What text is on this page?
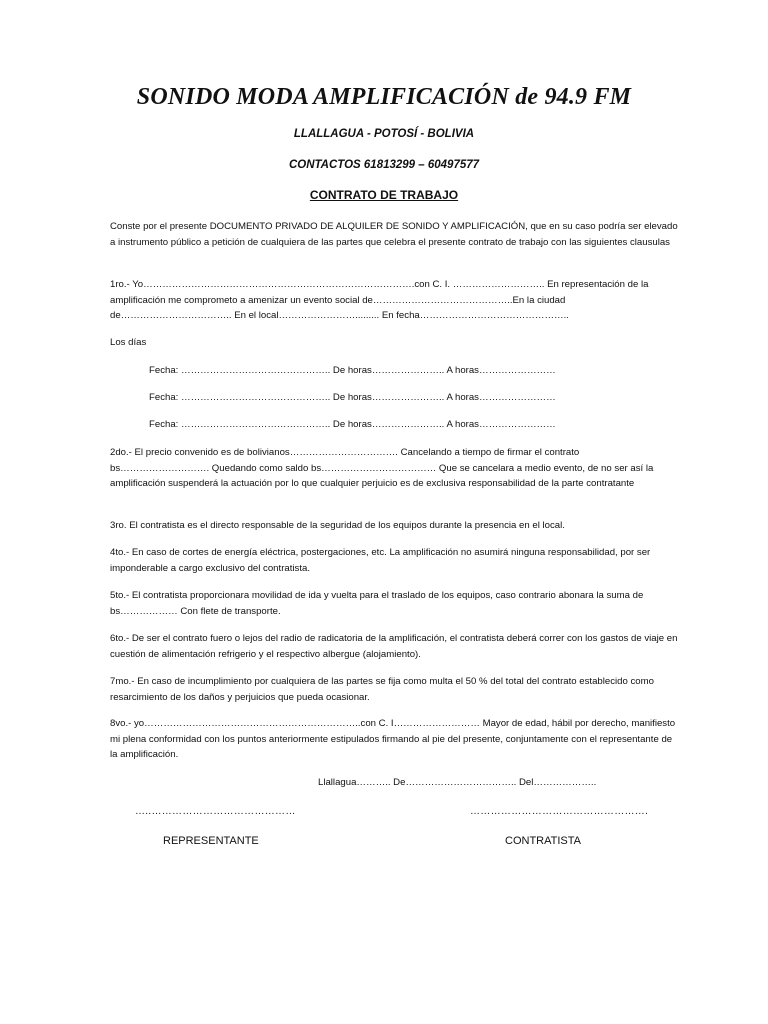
SONIDO MODA AMPLIFICACIÓN de 94.9 FM
LLALLAGUA - POTOSÍ - BOLIVIA
CONTACTOS 61813299 – 60497577
CONTRATO DE TRABAJO
Conste por el presente DOCUMENTO PRIVADO DE ALQUILER DE SONIDO Y AMPLIFICACIÓN, que en su caso podría ser elevado a instrumento público a petición de cualquiera de las partes que celebra el presente contrato de trabajo con las siguientes clausulas
1ro.- Yo………………………………………………………………………….con C. I. ……………………….. En representación de la amplificación me comprometo a amenizar un evento social de……………………………………..En la ciudad de…………………………….. En el local……………………......... En fecha………………………………………..
Los días
Fecha: ……………………………………….. De horas………………….. A horas……………………
Fecha: ……………………………………….. De horas………………….. A horas……………………
Fecha: ……………………………………….. De horas………………….. A horas……………………
2do.- El precio convenido es de bolivianos……………………………. Cancelando a tiempo de firmar el contrato bs………………………. Quedando como saldo bs……………………………… Que se cancelara a medio evento, de no ser así la amplificación suspenderá la actuación por lo que cualquier perjuicio es de exclusiva responsabilidad de la parte contratante
3ro. El contratista es el directo responsable de la seguridad de los equipos durante la presencia en el local.
4to.- En caso de cortes de energía eléctrica, postergaciones, etc. La amplificación no asumirá ninguna responsabilidad, por ser imponderable a cargo exclusivo del contratista.
5to.- El contratista proporcionara movilidad de ida y vuelta para el traslado de los equipos, caso contrario abonara la suma de bs……………… Con flete de transporte.
6to.- De ser el contrato fuero o lejos del radio de radicatoria de la amplificación, el contratista deberá correr con los gastos de viaje en cuestión de alimentación refrigerio y el respectivo albergue (alojamiento).
7mo.- En caso de incumplimiento por cualquiera de las partes se fija como multa el 50 % del total del contrato establecido como resarcimiento de los daños y perjuicios que pueda ocasionar.
8vo.- yo…………………………………………………………..con C. I……………………… Mayor de edad, hábil por derecho, manifiesto mi plena conformidad con los puntos anteriormente estipulados firmando al pie del presente, conjuntamente con el representante de la amplificación.
Llallagua……….. De…………………………….. Del………………..
…..……………………………………	…………………………………………….
REPRESENTANTE	CONTRATISTA
